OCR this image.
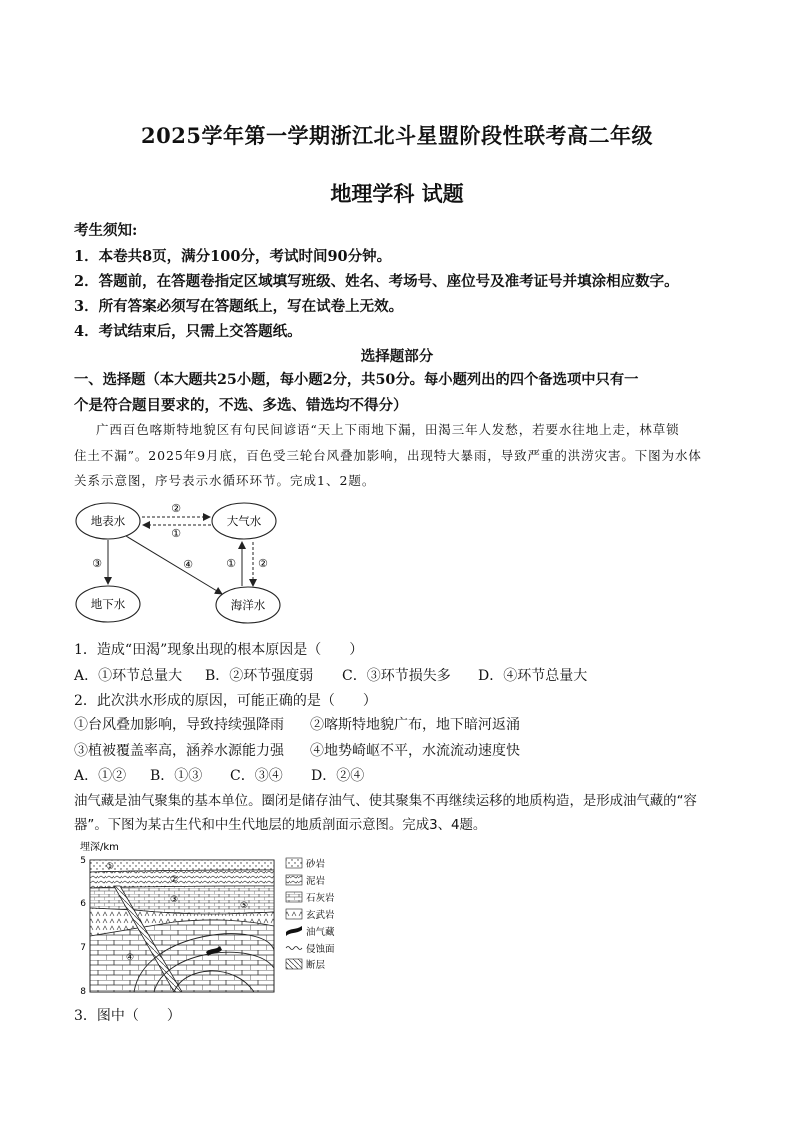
2025学年第一学期浙江北斗星盟阶段性联考高二年级
地理学科 试题
考生须知:
1．本卷共8页，满分100分，考试时间90分钟。
2．答题前，在答题卷指定区域填写班级、姓名、考场号、座位号及准考证号并填涂相应数字。
3．所有答案必须写在答题纸上，写在试卷上无效。
4．考试结束后，只需上交答题纸。
选择题部分
一、选择题（本大题共25小题，每小题2分，共50分。每小题列出的四个备选项中只有一
个是符合题目要求的，不选、多选、错选均不得分）
广西百色喀斯特地貌区有句民间谚语“天上下雨地下漏，田渴三年人发愁，若要水往地上走，林草锁
住土不漏”。2025年9月底，百色受三轮台风叠加影响，出现特大暴雨，导致严重的洪涝灾害。下图为水体
关系示意图，序号表示水循环环节。完成1、2题。
地表水	大气水
地下水	海洋水
②
①
③	④	① ②
1．造成“田渴”现象出现的根本原因是（　　）
A．①环节总量大 B．②环节强度弱 C．③环节损失多 D．④环节总量大
2．此次洪水形成的原因，可能正确的是（　　）
①台风叠加影响，导致持续强降雨 ②喀斯特地貌广布，地下暗河返涌
③植被覆盖率高，涵养水源能力强 ④地势崎岖不平，水流流动速度快
A．①② B．①③ C．③④ D．②④
油气藏是油气聚集的基本单位。圈闭是储存油气、使其聚集不再继续运移的地质构造，是形成油气藏的“容
器”。下图为某古生代和中生代地层的地质剖面示意图。完成3、4题。
埋深/km
5
6
7
8
①
②
③
④
⑤
砂岩
泥岩
石灰岩
玄武岩
油气藏
侵蚀面
断层
3．图中（　　）
